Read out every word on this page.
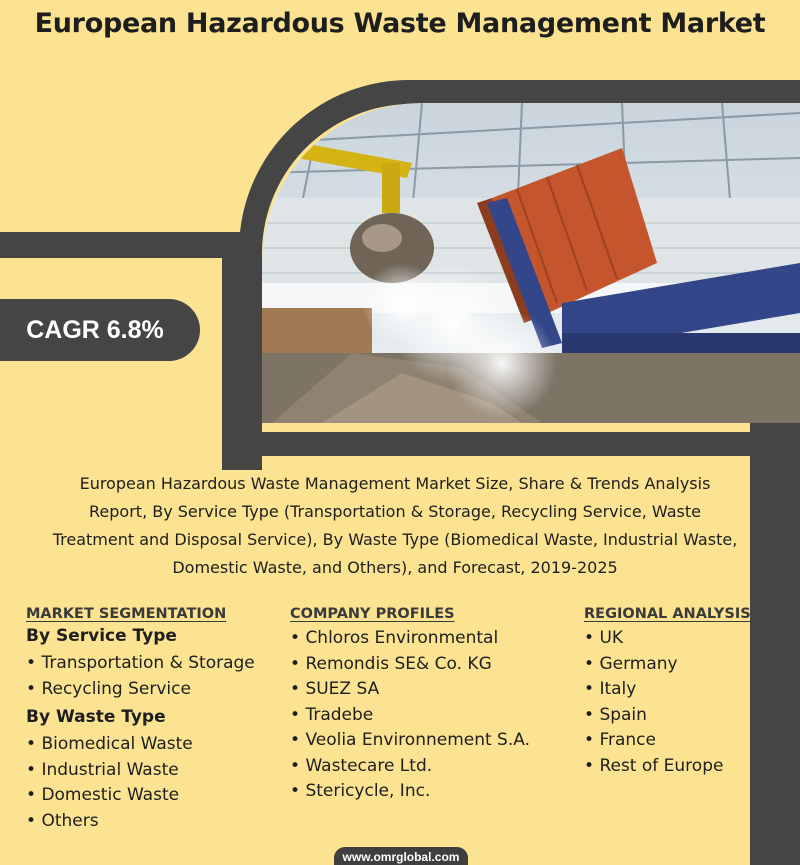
European Hazardous Waste Management Market
CAGR 6.8%
European Hazardous Waste Management Market Size, Share & Trends Analysis Report, By Service Type (Transportation & Storage, Recycling Service, Waste Treatment and Disposal Service), By Waste Type (Biomedical Waste, Industrial Waste, Domestic Waste, and Others), and Forecast, 2019-2025
MARKET SEGMENTATION
By Service Type
• Transportation & Storage
• Recycling Service
By Waste Type
• Biomedical Waste
• Industrial Waste
• Domestic Waste
• Others
COMPANY PROFILES
• Chloros Environmental
• Remondis SE& Co. KG
• SUEZ SA
• Tradebe
• Veolia Environnement S.A.
• Wastecare Ltd.
• Stericycle, Inc.
REGIONAL ANALYSIS
• UK
• Germany
• Italy
• Spain
• France
• Rest of Europe
www.omrglobal.com
